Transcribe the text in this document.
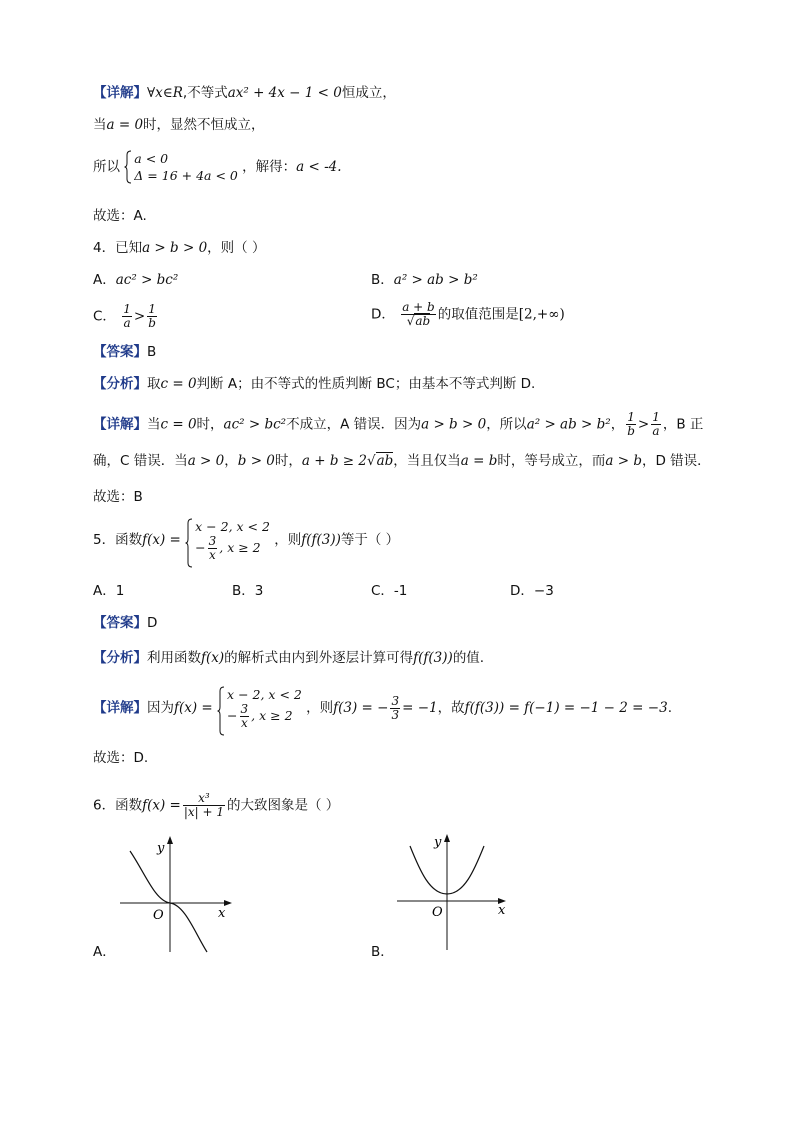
【详解】∀x∈R,不等式ax² + 4x − 1 < 0恒成立，
当a = 0时，显然不恒成立，
所以
a < 0
Δ = 16 + 4a < 0
，解得：a < -4.
故选：A.
4．已知a > b > 0，则（ ）
A．ac² > bc²	B．a² > ab > b²
C． $\frac{1}{a} > \frac{1}{b}$	D． $\frac{a + b}{√ab}$ 的取值范围是[2,+∞)
【答案】B
【分析】取c = 0判断 A；由不等式的性质判断 BC；由基本不等式判断 D.
【详解】当c = 0时，ac² > bc²不成立，A 错误．因为a > b > 0，所以a² > ab > b²， $\frac{1}{b} > \frac{1}{a}$ ，B 正
确，C 错误．当a > 0，b > 0时，a + b ≥ 2√ab，当且仅当a = b时，等号成立，而a > b，D 错误．
故选：B
5．函数f(x) =
x − 2, x < 2
− $\frac{3}{x}$ , x ≥ 2	，则f(f(3))等于（ ）
A．1	B．3	C．-1	D．−3
【答案】D
【分析】利用函数f(x)的解析式由内到外逐层计算可得f(f(3))的值.
【详解】因为f(x) =
x − 2, x < 2
− $\frac{3}{x}$ , x ≥ 2	，则f(3) = − $\frac{3}{3} = -1$，故f(f(3)) = f(−1) = −1 − 2 = −3.
故选：D.
6．函数$f(x) = \frac{\text{x³}}{|x| + 1}$ 的大致图象是（ ）
y
x
O
A．
y
x
O
B．
